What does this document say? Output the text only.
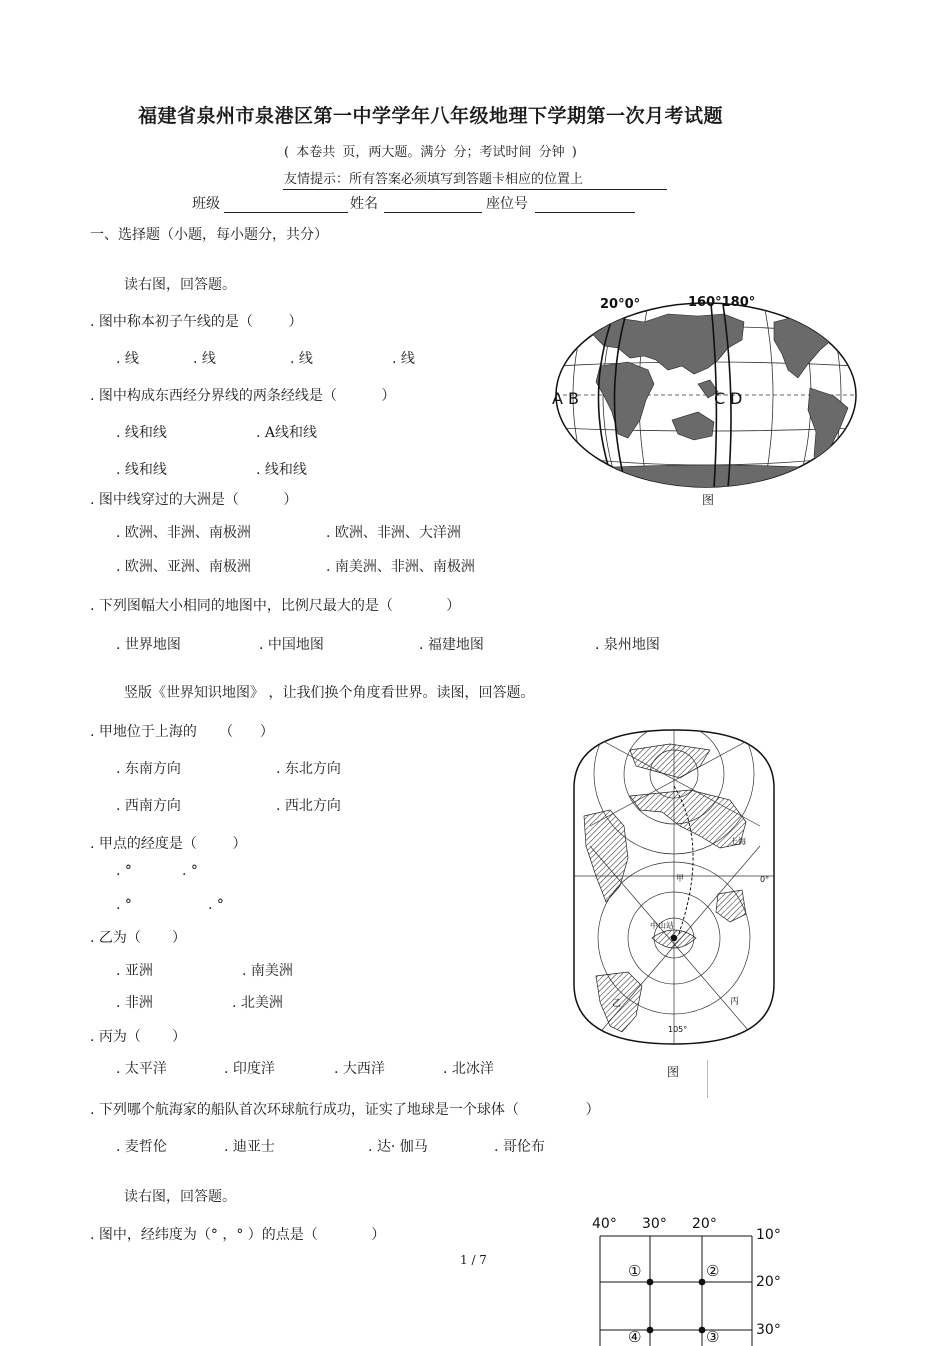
福建省泉州市泉港区第一中学学年八年级地理下学期第一次月考试题
( 本卷共 页，两大题。满分 分；考试时间 分钟 )
友情提示：所有答案必须填写到答题卡相应的位置上
班级	姓名	座位号
一、选择题（小题，每小题分，共分）
读右图，回答题。
. 图中称本初子午线的是（        ）
. 线	. 线	. 线	. 线
. 图中构成东西经分界线的两条经线是（          ）
. 线和线	. A线和线
. 线和线	. 线和线
. 图中线穿过的大洲是（          ）
. 欧洲、非洲、南极洲	. 欧洲、非洲、大洋洲
. 欧洲、亚洲、南极洲	. 南美洲、非洲、南极洲
. 下列图幅大小相同的地图中，比例尺最大的是（            ）
. 世界地图	. 中国地图	. 福建地图	. 泉州地图
竖版《世界知识地图》 ，让我们换个角度看世界。读图，回答题。
. 甲地位于上海的     （      ）
. 东南方向	. 东北方向
. 西南方向	. 西北方向
. 甲点的经度是（        ）
. °	. °
. °	. °
. 乙为（       ）
. 亚洲	. 南美洲
. 非洲	. 北美洲
. 丙为（       ）
. 太平洋	. 印度洋	. 大西洋	. 北冰洋
. 下列哪个航海家的船队首次环球航行成功，证实了地球是一个球体（               ）
. 麦哲伦	. 迪亚士	. 达· 伽马	. 哥伦布
读右图，回答题。
. 图中，经纬度为（° ，° ）的点是（            ）
1 / 7
20°0°	160°180°
A B	C D
图
上海
甲	0°
中山站
乙	丙
105°
图
40° 30° 20°
10°
20°
30°
①	②
④	③
